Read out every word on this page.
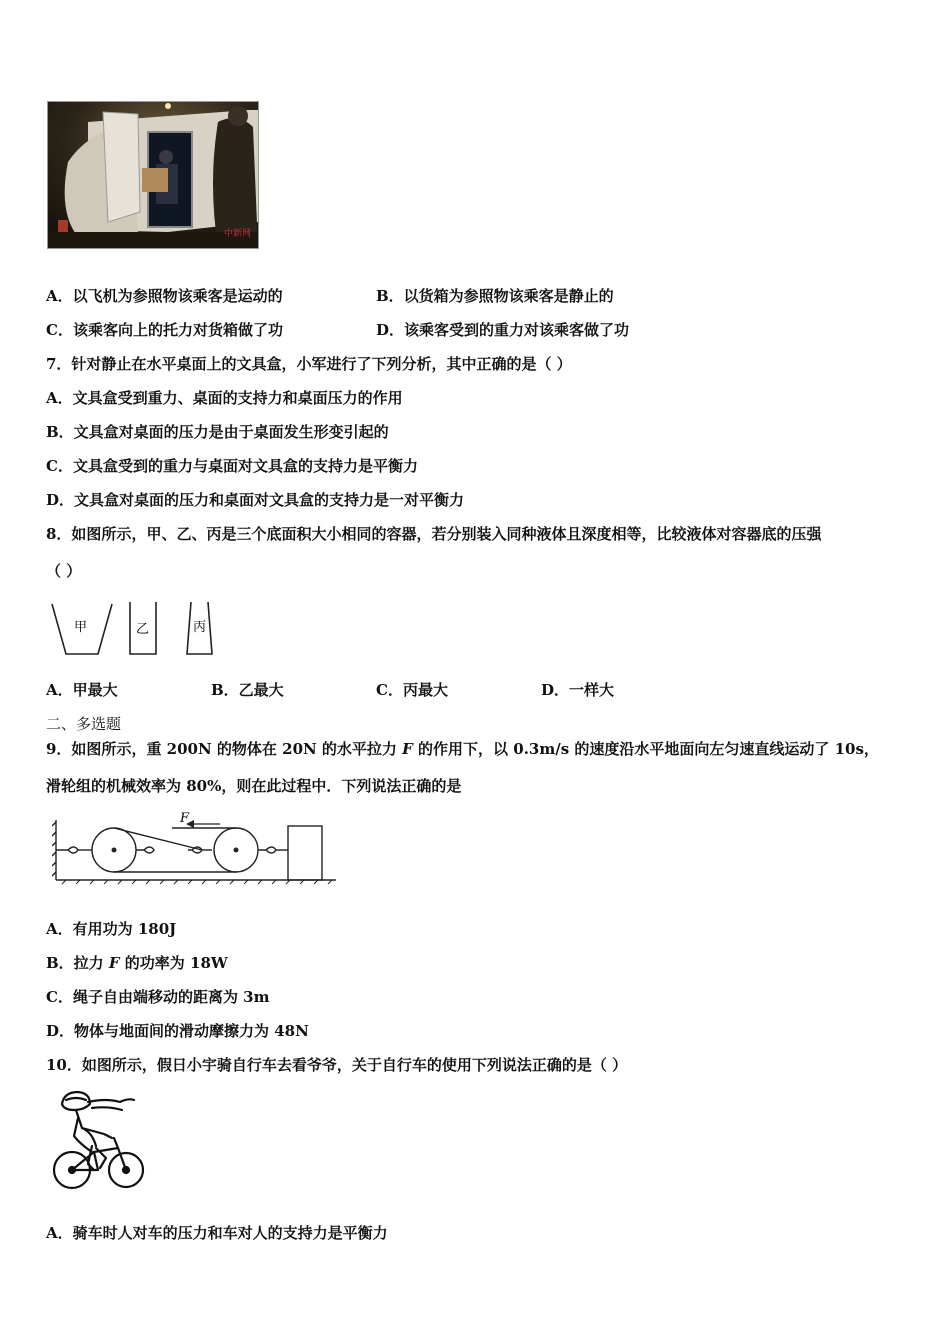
中新网
A．以飞机为参照物该乘客是运动的	B．以货箱为参照物该乘客是静止的
C．该乘客向上的托力对货箱做了功	D．该乘客受到的重力对该乘客做了功
7．针对静止在水平桌面上的文具盒，小军进行了下列分析，其中正确的是（ ）
A．文具盒受到重力、桌面的支持力和桌面压力的作用
B．文具盒对桌面的压力是由于桌面发生形变引起的
C．文具盒受到的重力与桌面对文具盒的支持力是平衡力
D．文具盒对桌面的压力和桌面对文具盒的支持力是一对平衡力
8．如图所示，甲、乙、丙是三个底面积大小相同的容器，若分别装入同种液体且深度相等，比较液体对容器底的压强
（ ）
甲	乙	丙
A．甲最大	B．乙最大	C．丙最大	D．一样大
二、多选题
9．如图所示，重 200N 的物体在 20N 的水平拉力 F 的作用下，以 0.3m/s 的速度沿水平地面向左匀速直线运动了 10s，
滑轮组的机械效率为 80%，则在此过程中．下列说法正确的是
F
A．有用功为 180J
B．拉力 F 的功率为 18W
C．绳子自由端移动的距离为 3m
D．物体与地面间的滑动摩擦力为 48N
10．如图所示，假日小宇骑自行车去看爷爷，关于自行车的使用下列说法正确的是（ ）
A．骑车时人对车的压力和车对人的支持力是平衡力
